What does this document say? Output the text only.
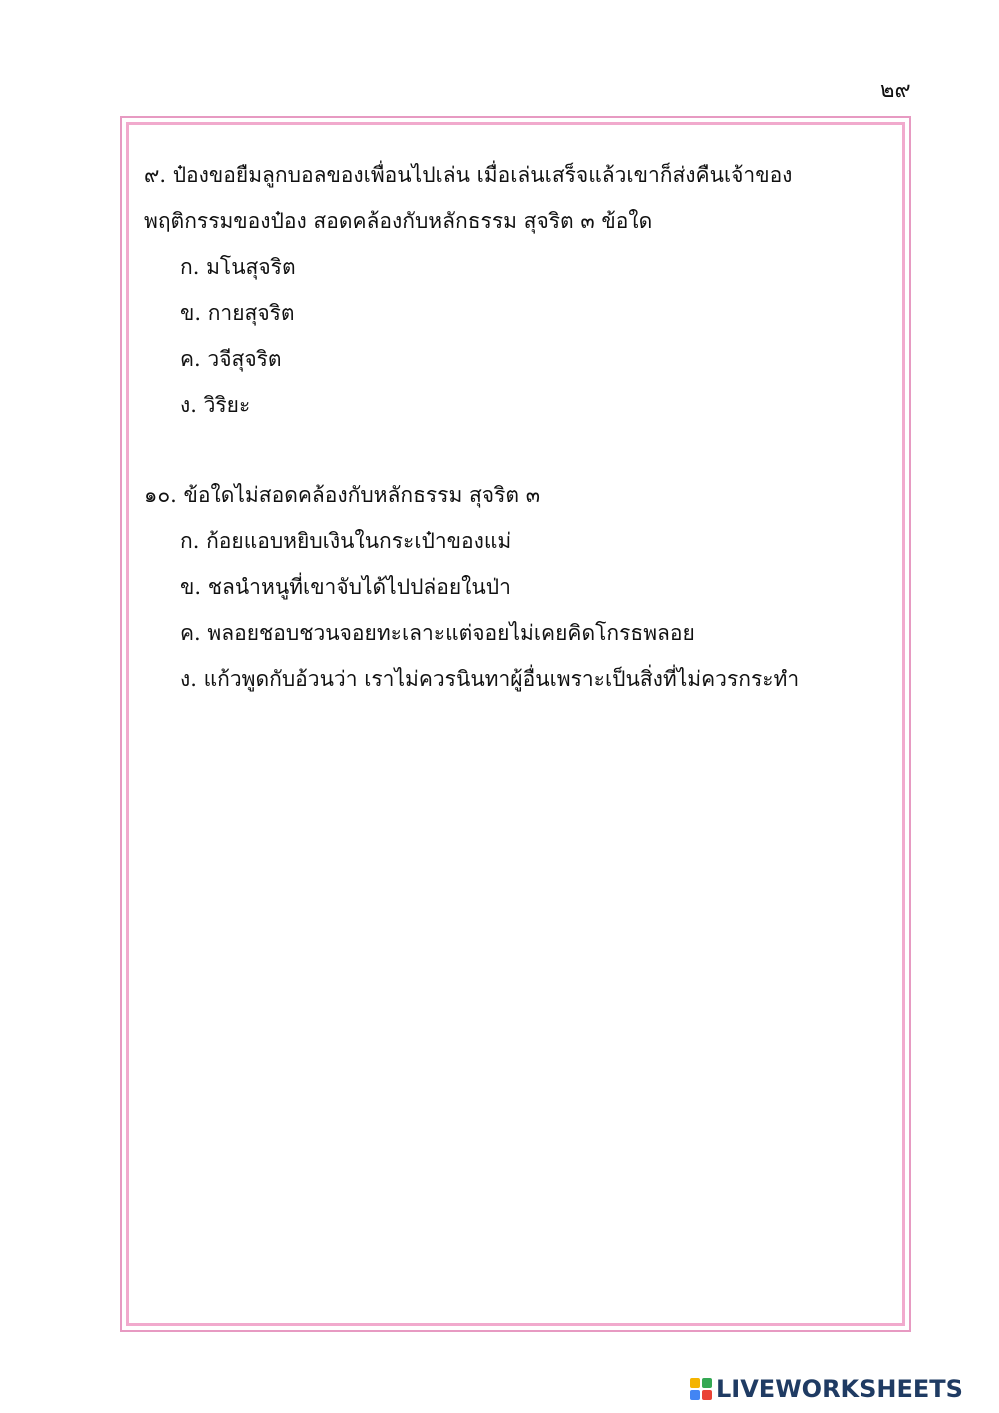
๒๙
๙. ป๋องขอยืมลูกบอลของเพื่อนไปเล่น เมื่อเล่นเสร็จแล้วเขาก็ส่งคืนเจ้าของ
พฤติกรรมของป๋อง สอดคล้องกับหลักธรรม สุจริต ๓ ข้อใด
ก. มโนสุจริต
ข. กายสุจริต
ค. วจีสุจริต
ง. วิริยะ
๑๐. ข้อใดไม่สอดคล้องกับหลักธรรม สุจริต ๓
ก. ก้อยแอบหยิบเงินในกระเป๋าของแม่
ข. ชลนำหนูที่เขาจับได้ไปปล่อยในป่า
ค. พลอยชอบชวนจอยทะเลาะแต่จอยไม่เคยคิดโกรธพลอย
ง. แก้วพูดกับอ้วนว่า เราไม่ควรนินทาผู้อื่นเพราะเป็นสิ่งที่ไม่ควรกระทำ
LIVEWORKSHEETS
